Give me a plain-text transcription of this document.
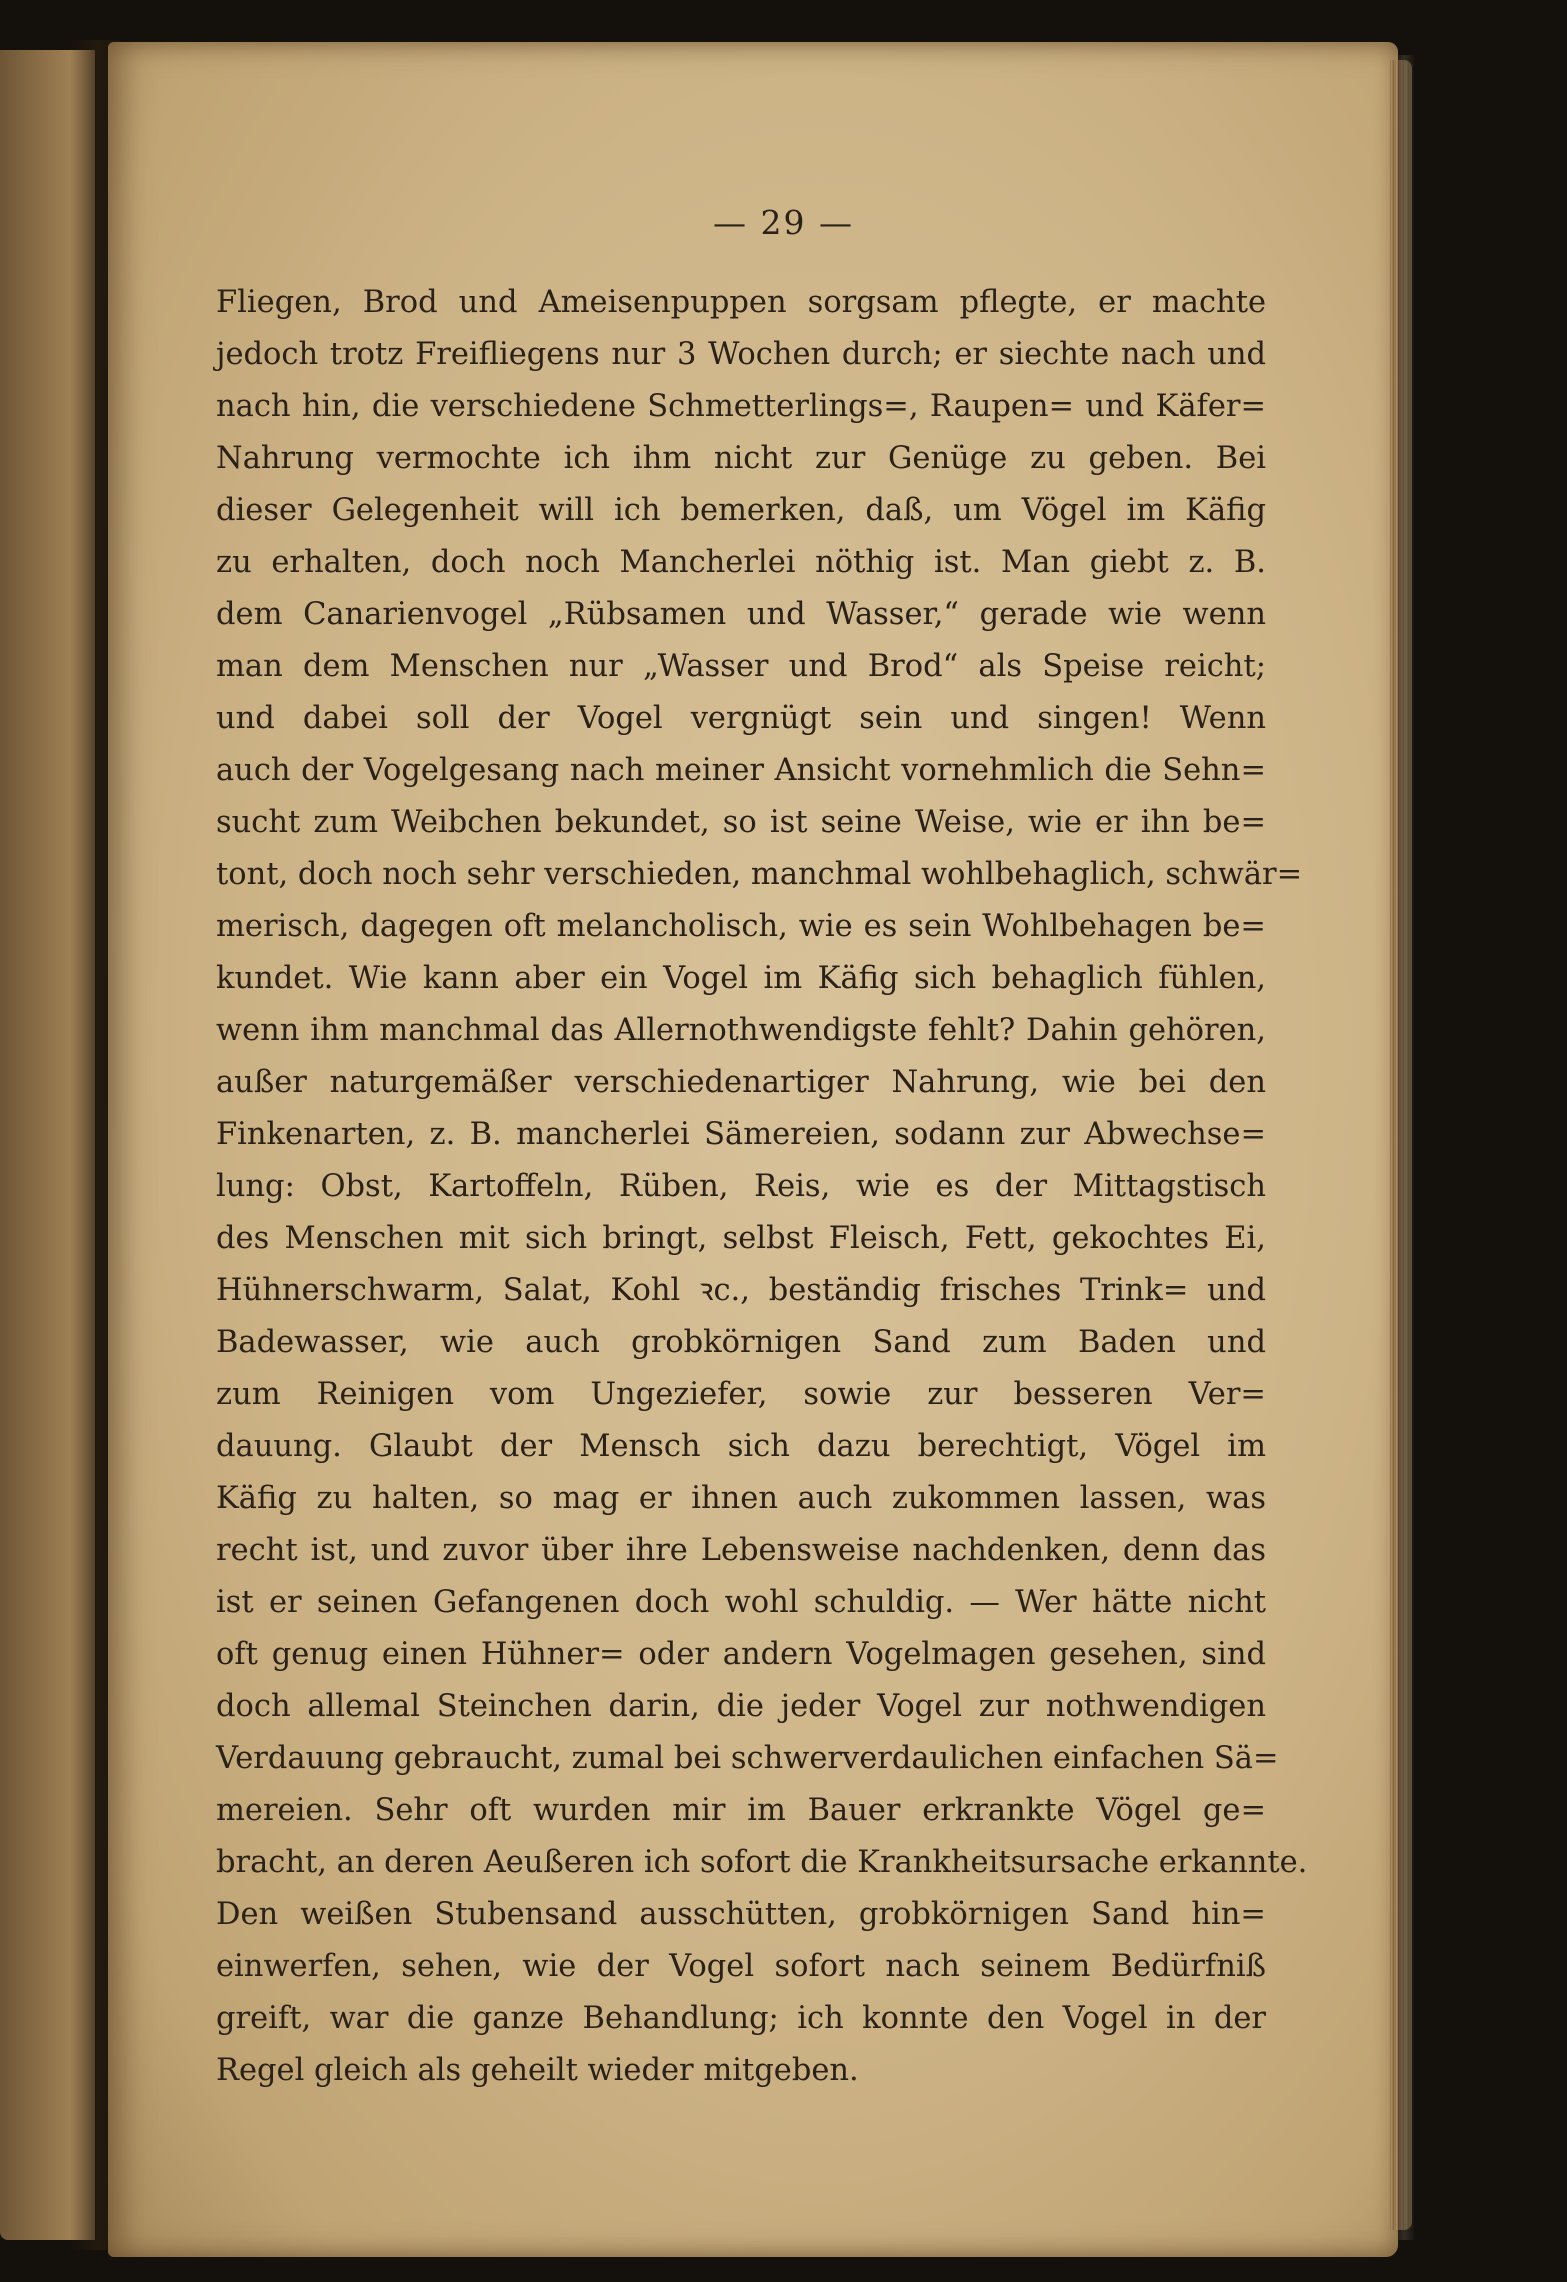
— 29 —
Fliegen, Brod und Ameisenpuppen sorgsam pflegte, er machte
jedoch trotz Freifliegens nur 3 Wochen durch; er siechte nach und
nach hin, die verschiedene Schmetterlings=, Raupen= und Käfer=
Nahrung vermochte ich ihm nicht zur Genüge zu geben. Bei
dieser Gelegenheit will ich bemerken, daß, um Vögel im Käfig
zu erhalten, doch noch Mancherlei nöthig ist. Man giebt z. B.
dem Canarienvogel „Rübsamen und Wasser,“ gerade wie wenn
man dem Menschen nur „Wasser und Brod“ als Speise reicht;
und dabei soll der Vogel vergnügt sein und singen! Wenn
auch der Vogelgesang nach meiner Ansicht vornehmlich die Sehn=
sucht zum Weibchen bekundet, so ist seine Weise, wie er ihn be=
tont, doch noch sehr verschieden, manchmal wohlbehaglich, schwär=
merisch, dagegen oft melancholisch, wie es sein Wohlbehagen be=
kundet. Wie kann aber ein Vogel im Käfig sich behaglich fühlen,
wenn ihm manchmal das Allernothwendigste fehlt? Dahin gehören,
außer naturgemäßer verschiedenartiger Nahrung, wie bei den
Finkenarten, z. B. mancherlei Sämereien, sodann zur Abwechse=
lung: Obst, Kartoffeln, Rüben, Reis, wie es der Mittagstisch
des Menschen mit sich bringt, selbst Fleisch, Fett, gekochtes Ei,
Hühnerschwarm, Salat, Kohl ꝛc., beständig frisches Trink= und
Badewasser, wie auch grobkörnigen Sand zum Baden und
zum Reinigen vom Ungeziefer, sowie zur besseren Ver=
dauung. Glaubt der Mensch sich dazu berechtigt, Vögel im
Käfig zu halten, so mag er ihnen auch zukommen lassen, was
recht ist, und zuvor über ihre Lebensweise nachdenken, denn das
ist er seinen Gefangenen doch wohl schuldig. — Wer hätte nicht
oft genug einen Hühner= oder andern Vogelmagen gesehen, sind
doch allemal Steinchen darin, die jeder Vogel zur nothwendigen
Verdauung gebraucht, zumal bei schwerverdaulichen einfachen Sä=
mereien. Sehr oft wurden mir im Bauer erkrankte Vögel ge=
bracht, an deren Aeußeren ich sofort die Krankheitsursache erkannte.
Den weißen Stubensand ausschütten, grobkörnigen Sand hin=
einwerfen, sehen, wie der Vogel sofort nach seinem Bedürfniß
greift, war die ganze Behandlung; ich konnte den Vogel in der
Regel gleich als geheilt wieder mitgeben.
